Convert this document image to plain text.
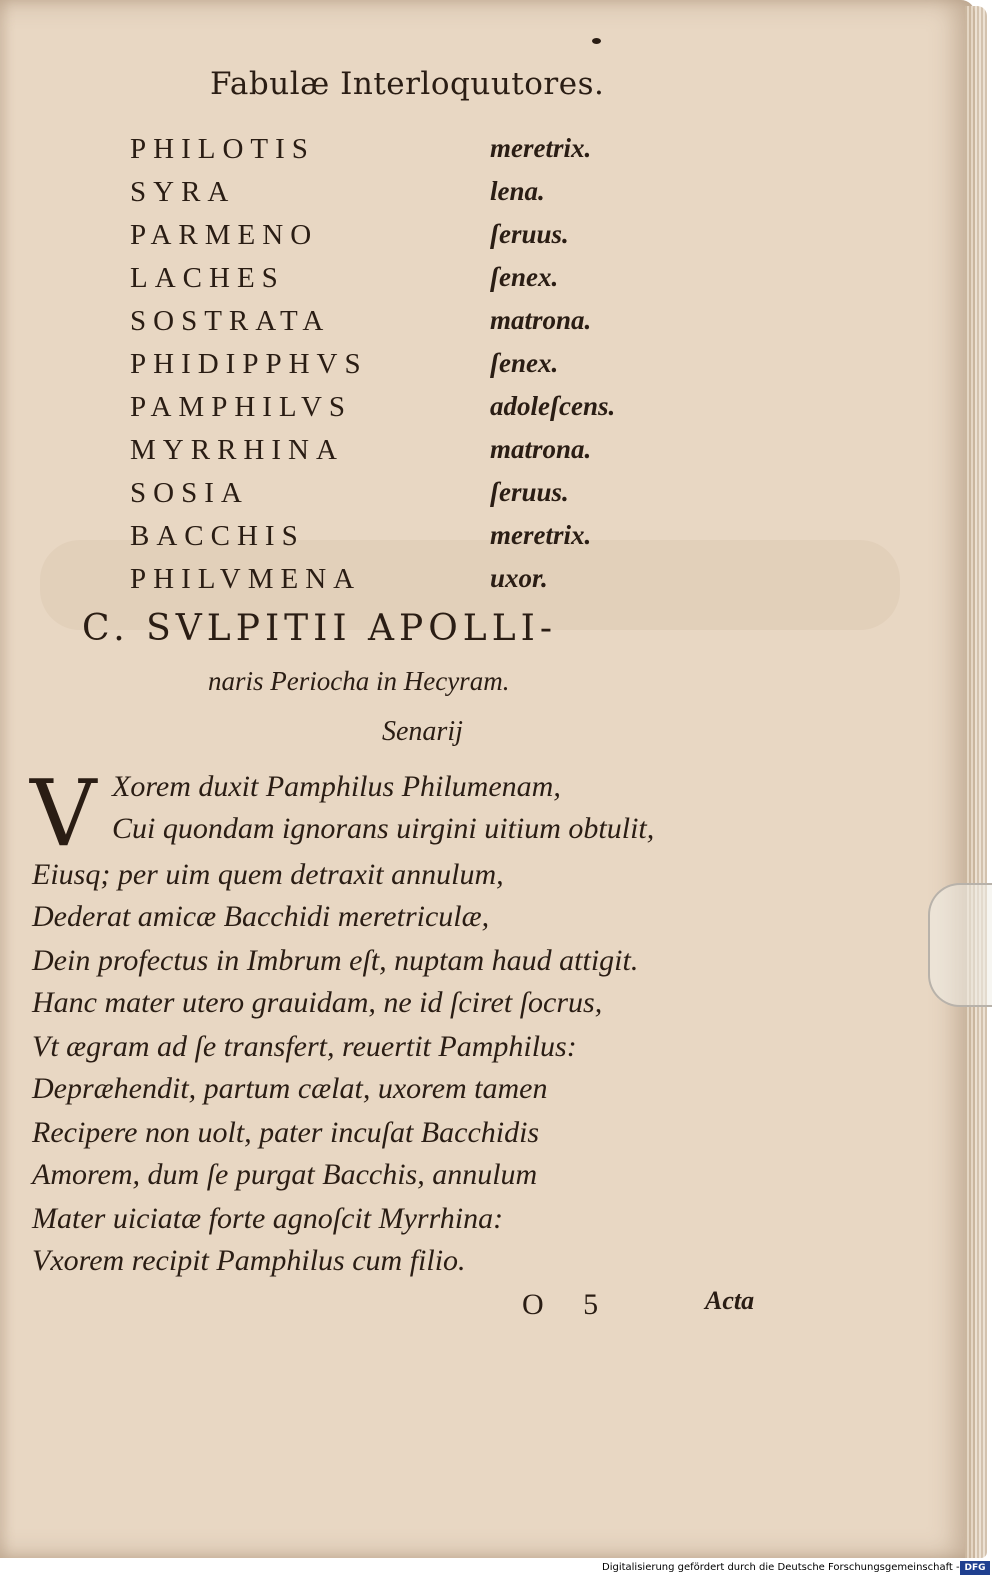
Fabulæ Interloquutores.
PHILOTIS	meretrix.
SYRA	lena.
PARMENO	ſeruus.
LACHES	ſenex.
SOSTRATA	matrona.
PHIDIPPHVS	ſenex.
PAMPHILVS	adoleſcens.
MYRRHINA	matrona.
SOSIA	ſeruus.
BACCHIS	meretrix.
PHILVMENA	uxor.
C. SVLPITII APOLLI-
naris Periocha in Hecyram.
Senarij
V Xorem duxit Pamphilus Philumenam,
Cui quondam ignorans uirgini uitium obtulit,
Eiusq; per uim quem detraxit annulum,
Dederat amicæ Bacchidi meretriculæ,
Dein profectus in Imbrum eſt, nuptam haud attigit.
Hanc mater utero grauidam, ne id ſciret ſocrus,
Vt ægram ad ſe transfert, reuertit Pamphilus:
Depræhendit, partum cælat, uxorem tamen
Recipere non uolt, pater incuſat Bacchidis
Amorem, dum ſe purgat Bacchis, annulum
Mater uiciatæ forte agnoſcit Myrrhina:
Vxorem recipit Pamphilus cum filio.
O 5	Acta
Digitalisierung gefördert durch die Deutsche Forschungsgemeinschaft - DFG
